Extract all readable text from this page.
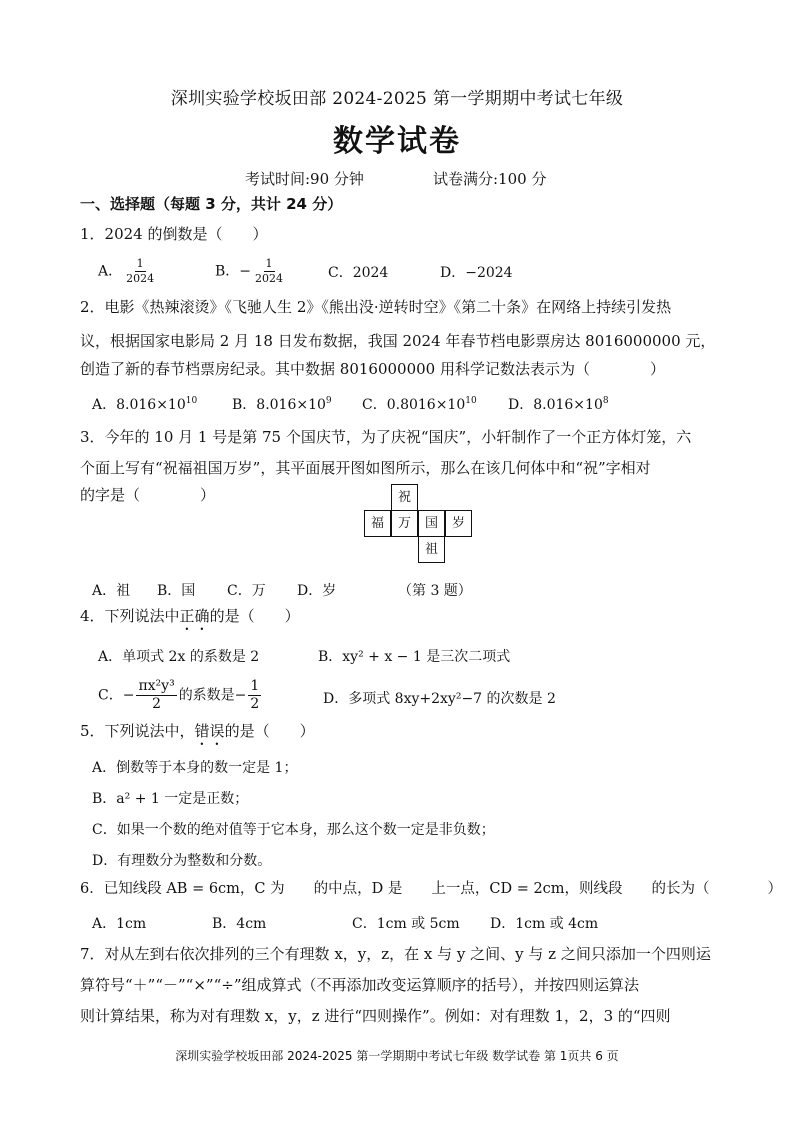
深圳实验学校坂田部 2024-2025 第一学期期中考试七年级
数学试卷
考试时间:90 分钟	试卷满分:100 分
一、选择题（每题 3 分，共计 24 分）
1．2024 的倒数是（　　）
A． $\frac{1}{2024}$	B．− $\frac{1}{2024}$	C．2024	D．−2024
2．电影《热辣滚烫》《飞驰人生 2》《熊出没·逆转时空》《第二十条》在网络上持续引发热
议，根据国家电影局 2 月 18 日发布数据，我国 2024 年春节档电影票房达 8016000000 元，
创造了新的春节档票房纪录。其中数据 8016000000 用科学记数法表示为（　　　　）
A．$8.016\times 10^{10}$ B．$8.016\times 10^9$ C．$0.8016\times 10^{10}$ D．$8.016\times 10^8$
3．今年的 10 月 1 号是第 75 个国庆节，为了庆祝“国庆”，小轩制作了一个正方体灯笼，六
个面上写有“祝福祖国万岁”，其平面展开图如图所示，那么在该几何体中和“祝”字相对
的字是（　　　　）	祝
福	万	国	岁
祖
A．祖 B．国 C．万 D．岁	（第 3 题）
4．下列说法中正确的是（　　）
A．单项式 2x 的系数是 2	B．xy² + x − 1 是三次二项式
C．− $\frac{\text{πx²y³}}{2}$ 的系数是− $\frac{1}{2}$	D．多项式 8xy+2xy²−7 的次数是 2
5．下列说法中，错误的是（　　）
A．倒数等于本身的数一定是 1；
B．a² + 1 一定是正数；
C．如果一个数的绝对值等于它本身，那么这个数一定是非负数；
D．有理数分为整数和分数。
6．已知线段 AB = 6cm，C 为　　的中点，D 是　　上一点，CD = 2cm，则线段　　的长为（　　　　）
A．1cm	B．4cm	C．1cm 或 5cm D．1cm 或 4cm
7．对从左到右依次排列的三个有理数 x，y，z，在 x 与 y 之间、y 与 z 之间只添加一个四则运
算符号“＋”“－”“×”“÷”组成算式（不再添加改变运算顺序的括号），并按四则运算法
则计算结果，称为对有理数 x，y，z 进行“四则操作”。例如：对有理数 1，2，3 的“四则
深圳实验学校坂田部 2024-2025 第一学期期中考试七年级 数学试卷 第 1页共 6 页
